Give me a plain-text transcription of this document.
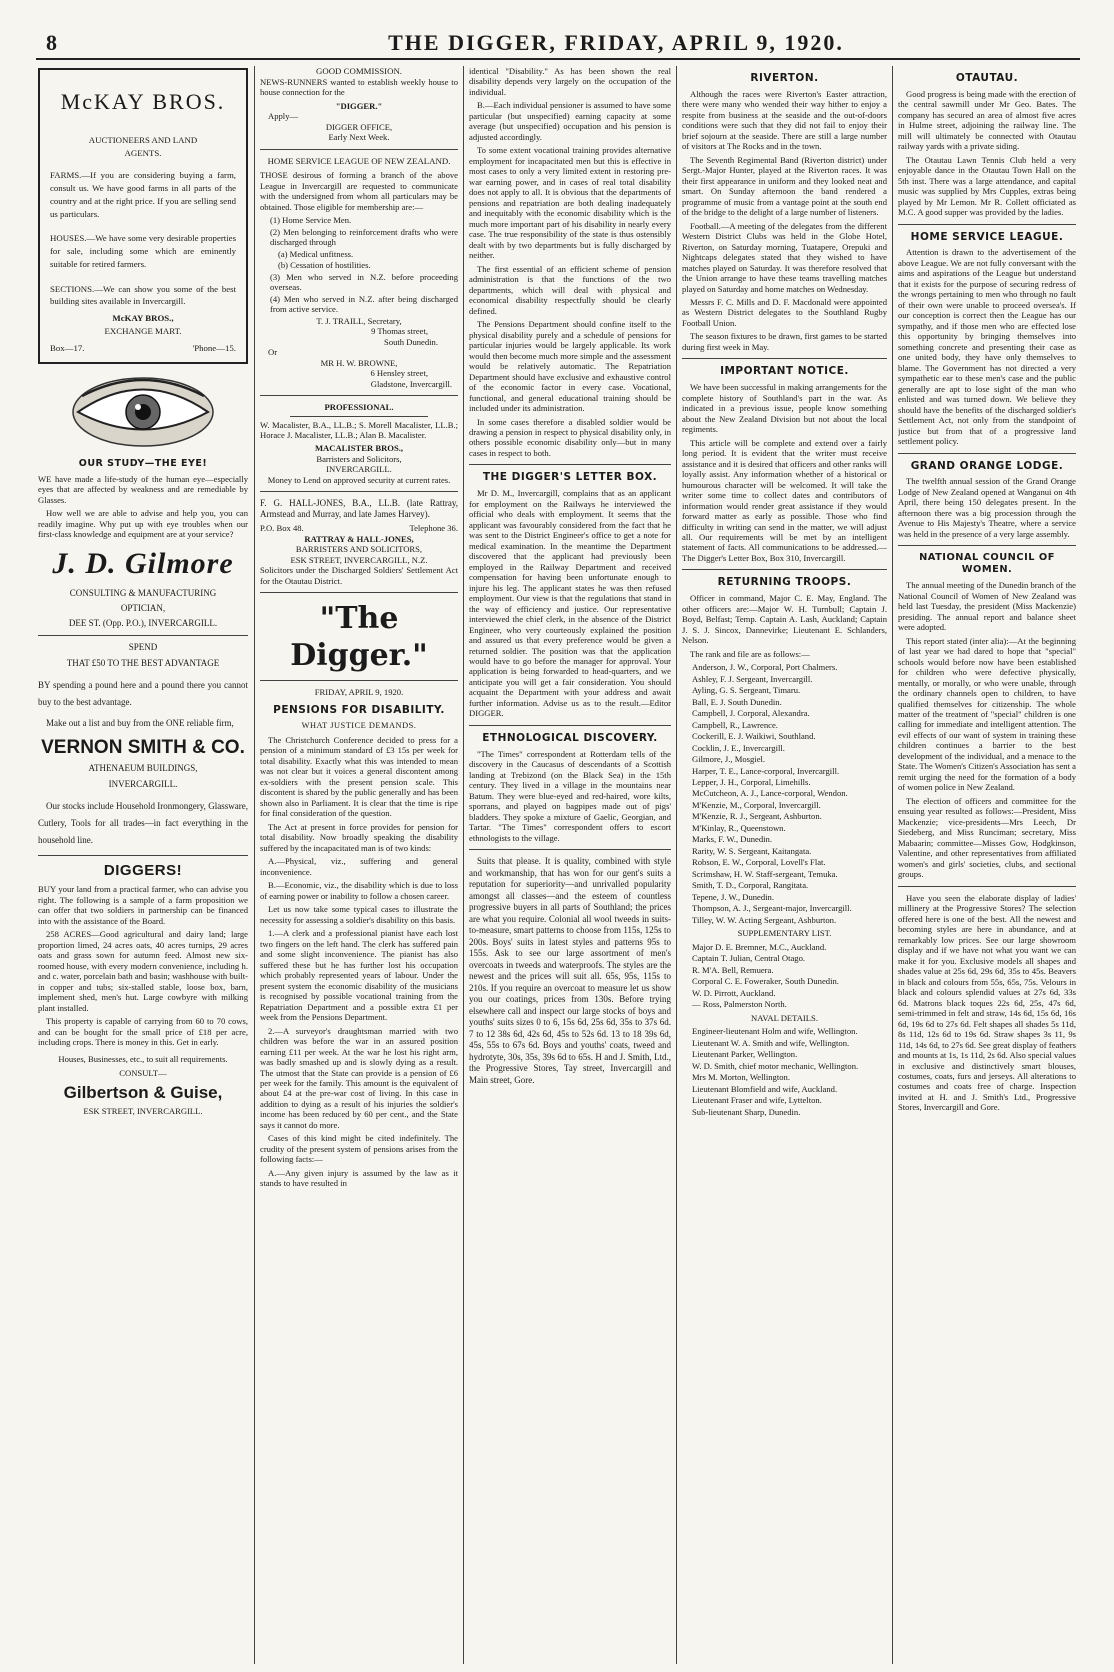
8	THE DIGGER, FRIDAY, APRIL 9, 1920.
McKAY BROS.
AUCTIONEERS AND LAND
AGENTS.

FARMS.—If you are considering buying a farm, consult us. We have good farms in all parts of the country and at the right price. If you are selling send us particulars.

HOUSES.—We have some very desirable properties for sale, including some which are eminently suitable for retired farmers.

SECTIONS.—We can show you some of the best building sites available in Invercargill.

McKAY BROS.,
EXCHANGE MART.
Box—17.	'Phone—15.
OUR STUDY—THE EYE!

WE have made a life-study of the human eye—especially eyes that are affected by weakness and are remediable by Glasses.

How well we are able to advise and help you, you can readily imagine. Why put up with eye troubles when our first-class knowledge and equipment are at your service?

J. D. Gilmore
CONSULTING & MANUFACTURING
OPTICIAN,
DEE ST. (Opp. P.O.), INVERCARGILL.
SPEND
THAT £50 TO THE BEST ADVANTAGE

BY spending a pound here and a pound there you cannot buy to the best advantage.

Make out a list and buy from the ONE reliable firm,

VERNON SMITH & CO.
ATHENAEUM BUILDINGS,
INVERCARGILL.

Our stocks include Household Ironmongery, Glassware, Cutlery, Tools for all trades—in fact everything in the household line.

DIGGERS!

BUY your land from a practical farmer, who can advise you right. The following is a sample of a farm proposition we can offer that two soldiers in partnership can be financed into with the assistance of the Board.

258 ACRES—Good agricultural and dairy land; large proportion limed, 24 acres oats, 40 acres turnips, 29 acres oats and grass sown for autumn feed. Almost new six-roomed house, with every modern convenience, including h. and c. water, porcelain bath and basin; washhouse with built-in copper and tubs; six-stalled stable, loose box, barn, implement shed, men's hut. Large cowbyre with milking plant installed.

This property is capable of carrying from 60 to 70 cows, and can be bought for the small price of £18 per acre, including crops. There is money in this. Get in early.

Houses, Businesses, etc., to suit all requirements.

CONSULT—
Gilbertson & Guise,
ESK STREET, INVERCARGILL.
GOOD COMMISSION.

NEWS-RUNNERS wanted to establish weekly house to house connection for the

"DIGGER."
Apply—
DIGGER OFFICE,
Early Next Week.
HOME SERVICE LEAGUE OF NEW ZEALAND.

THOSE desirous of forming a branch of the above League in Invercargill are requested to communicate with the undersigned from whom all particulars may be obtained. Those eligible for membership are:—

(1) Home Service Men.

(2) Men belonging to reinforcement drafts who were discharged through

(a) Medical unfitness.

(b) Cessation of hostilities.

(3) Men who served in N.Z. before proceeding overseas.

(4) Men who served in N.Z. after being discharged from active service.

T. J. TRAILL, Secretary,
9 Thomas street,
South Dunedin.
Or
MR H. W. BROWNE,
6 Hensley street,
Gladstone, Invercargill.
PROFESSIONAL.

W. Macalister, B.A., LL.B.; S. Morell Macalister, LL.B.; Horace J. Macalister, LL.B.; Alan B. Macalister.

MACALISTER BROS.,
Barristers and Solicitors,
INVERCARGILL.

Money to Lend on approved security at current rates.

F. G. HALL-JONES, B.A., LL.B. (late Rattray, Armstead and Murray, and late James Harvey).

P.O. Box 48.	Telephone 36.
RATTRAY & HALL-JONES,
BARRISTERS AND SOLICITORS,
ESK STREET, INVERCARGILL, N.Z.

Solicitors under the Discharged Soldiers' Settlement Act for the Otautau District.

"The Digger."
FRIDAY, APRIL 9, 1920.
PENSIONS FOR DISABILITY.
WHAT JUSTICE DEMANDS.

The Christchurch Conference decided to press for a pension of a minimum standard of £3 15s per week for total disability. Exactly what this was intended to mean was not clear but it voices a general discontent among ex-soldiers with the present pension scale. This discontent is shared by the public generally and has been shown also in Parliament. It is clear that the time is ripe for final consideration of the question.

The Act at present in force provides for pension for total disability. Now broadly speaking the disability suffered by the incapacitated man is of two kinds:

A.—Physical, viz., suffering and general inconvenience.

B.—Economic, viz., the disability which is due to loss of earning power or inability to follow a chosen career.

Let us now take some typical cases to illustrate the necessity for assessing a soldier's disability on this basis.

1.—A clerk and a professional pianist have each lost two fingers on the left hand. The clerk has suffered pain and some slight inconvenience. The pianist has also suffered these but he has further lost his occupation which probably represented years of labour. Under the present system the economic disability of the musicians is recognised by possible vocational training from the Repatriation Department and a possible extra £1 per week from the Pensions Department.

2.—A surveyor's draughtsman married with two children was before the war in an assured position earning £11 per week. At the war he lost his right arm, was badly smashed up and is slowly dying as a result. The utmost that the State can provide is a pension of £6 per week for the family. This amount is the equivalent of about £4 at the pre-war cost of living. In this case in addition to dying as a result of his injuries the soldier's income has been reduced by 60 per cent., and the State says it cannot do more.

Cases of this kind might be cited indefinitely. The crudity of the present system of pensions arises from the following facts:—

A.—Any given injury is assumed by the law as it stands to have resulted in

identical "Disability." As has been shown the real disability depends very largely on the occupation of the individual.

B.—Each individual pensioner is assumed to have some particular (but unspecified) earning capacity at some average (but unspecified) occupation and his pension is adjusted accordingly.

To some extent vocational training provides alternative employment for incapacitated men but this is effective in most cases to only a very limited extent in restoring pre-war earning power, and in cases of real total disability does not apply to all. It is obvious that the departments of pensions and repatriation are both dealing inadequately and inequitably with the economic disability which is the much more important part of his disability in nearly every case. The true responsibility of the state is thus ostensibly dealt with by two departments but is fully discharged by neither.

The first essential of an efficient scheme of pension administration is that the functions of the two departments, which will deal with physical and economical disability respectfully should be clearly defined.

The Pensions Department should confine itself to the physical disability purely and a schedule of pensions for particular injuries would be largely applicable. Its work would then become much more simple and the assessment would be relatively automatic. The Repatriation Department should have exclusive and exhaustive control of the economic factor in every case. Vocational, functional, and general educational training should be included under its administration.

In some cases therefore a disabled soldier would be drawing a pension in respect to physical disability only, in others possible economic disability only—but in many cases in respect to both.

THE DIGGER'S LETTER BOX.

Mr D. M., Invercargill, complains that as an applicant for employment on the Railways he interviewed the official who deals with employment. It seems that the applicant was favourably considered from the fact that he was sent to the District Engineer's office to get a note for medical examination. In the meantime the Department discovered that the applicant had previously been employed in the Railway Department and received compensation for having been unfortunate enough to injure his leg. The applicant states he was then refused employment. Our view is that the regulations that stand in the way of efficiency and justice. Our representative interviewed the chief clerk, in the absence of the District Engineer, who very courteously explained the position and assured us that every preference would be given a returned soldier. The position was that the application would have to go before the manager for approval. Your application is being forwarded to head-quarters, and we anticipate you will get a fair consideration. You should acquaint the Department with your address and await further information. Advise us as to the result.—Editor DIGGER.

ETHNOLOGICAL DISCOVERY.

"The Times" correspondent at Rotterdam tells of the discovery in the Caucasus of descendants of a Scottish landing at Trebizond (on the Black Sea) in the 15th century. They lived in a village in the mountains near Batum. They were blue-eyed and red-haired, wore kilts, sporrans, and played on bagpipes made out of pigs' bladders. They spoke a mixture of Gaelic, Georgian, and Tartar. "The Times" correspondent offers to escort ethnologists to the village.

Suits that please. It is quality, combined with style and workmanship, that has won for our gent's suits a reputation for superiority—and unrivalled popularity amongst all classes—and the esteem of countless progressive buyers in all parts of Southland; the prices are what you require. Colonial all wool tweeds in suits-to-measure, smart patterns to choose from 115s, 125s to 200s. Boys' suits in latest styles and patterns 95s to 155s. Ask to see our large assortment of men's overcoats in tweeds and waterproofs. The styles are the newest and the prices will suit all. 65s, 95s, 115s to 210s. If you require an overcoat to measure let us show you our coatings, prices from 130s. Before trying elsewhere call and inspect our large stocks of boys and youths' suits sizes 0 to 6, 15s 6d, 25s 6d, 35s to 37s 6d. 7 to 12 38s 6d, 42s 6d, 45s to 52s 6d. 13 to 18 39s 6d, 45s, 55s to 67s 6d. Boys and youths' coats, tweed and hydrotyte, 30s, 35s, 39s 6d to 65s. H and J. Smith, Ltd., the Progressive Stores, Tay street, Invercargill and Main street, Gore.

RIVERTON.

Although the races were Riverton's Easter attraction, there were many who wended their way hither to enjoy a respite from business at the seaside and the out-of-doors conditions were such that they did not fail to enjoy their brief sojourn at the seaside. There are still a large number of visitors at The Rocks and in the town.

The Seventh Regimental Band (Riverton district) under Sergt.-Major Hunter, played at the Riverton races. It was their first appearance in uniform and they looked neat and smart. On Sunday afternoon the band rendered a programme of music from a vantage point at the south end of the bridge to the delight of a large number of listeners.

Football.—A meeting of the delegates from the different Western District Clubs was held in the Globe Hotel, Riverton, on Saturday morning, Tuatapere, Orepuki and Nightcaps delegates stated that they wished to have matches played on Saturday. It was therefore resolved that the Union arrange to have these teams travelling matches played on Saturday and home matches on Wednesday.

Messrs F. C. Mills and D. F. Macdonald were appointed as Western District delegates to the Southland Rugby Football Union.

The season fixtures to be drawn, first games to be started during first week in May.

IMPORTANT NOTICE.

We have been successful in making arrangements for the complete history of Southland's part in the war. As indicated in a previous issue, people know something about the New Zealand Division but not about the local regiments.

This article will be complete and extend over a fairly long period. It is evident that the writer must receive assistance and it is desired that officers and other ranks will loyally assist. Any information whether of a historical or humourous character will be welcomed. It will take the writer some time to collect dates and contributors of information would render great assistance if they would forward matter as early as possible. Those who find difficulty in writing can send in the matter, we will adjust all. Our requirements will be met by an intelligent statement of facts. All communications to be addressed.—The Digger's Letter Box, Box 310, Invercargill.

RETURNING TROOPS.

Officer in command, Major C. E. May, England. The other officers are:—Major W. H. Turnbull; Captain J. Boyd, Belfast; Temp. Captain A. Lash, Auckland; Captain J. S. J. Sincox, Dannevirke; Lieutenant E. Schlanders, Nelson.

The rank and file are as follows:—

Anderson, J. W., Corporal, Port Chalmers.

Ashley, F. J. Sergeant, Invercargill.

Ayling, G. S. Sergeant, Timaru.

Ball, E. J. South Dunedin.

Campbell, J. Corporal, Alexandra.

Campbell, R., Lawrence.

Cockerill, E. J. Waikiwi, Southland.

Cocklin, J. E., Invercargill.

Gilmore, J., Mosgiel.

Harper, T. E., Lance-corporal, Invercargill.

Lepper, J. H., Corporal, Limehills.

McCutcheon, A. J., Lance-corporal, Wendon.

M'Kenzie, M., Corporal, Invercargill.

M'Kenzie, R. J., Sergeant, Ashburton.

M'Kinlay, R., Queenstown.

Marks, F. W., Dunedin.

Rarity, W. S. Sergeant, Kaitangata.

Robson, E. W., Corporal, Lovell's Flat.

Scrimshaw, H. W. Staff-sergeant, Temuka.

Smith, T. D., Corporal, Rangitata.

Tepene, J. W., Dunedin.

Thompson, A. J., Sergeant-major, Invercargill.

Tilley, W. W. Acting Sergeant, Ashburton.

SUPPLEMENTARY LIST.

Major D. E. Bremner, M.C., Auckland.

Captain T. Julian, Central Otago.

R. M'A. Bell, Remuera.

Corporal C. E. Foweraker, South Dunedin.

W. D. Pirrott, Auckland.

— Ross, Palmerston North.

NAVAL DETAILS.

Engineer-lieutenant Holm and wife, Wellington.

Lieutenant W. A. Smith and wife, Wellington.

Lieutenant Parker, Wellington.

W. D. Smith, chief motor mechanic, Wellington.

Mrs M. Morton, Wellington.

Lieutenant Blomfield and wife, Auckland.

Lieutenant Fraser and wife, Lyttelton.

Sub-lieutenant Sharp, Dunedin.

OTAUTAU.

Good progress is being made with the erection of the central sawmill under Mr Geo. Bates. The company has secured an area of almost five acres in Hulme street, adjoining the railway line. The mill will ultimately be connected with Otautau railway yards with a private siding.

The Otautau Lawn Tennis Club held a very enjoyable dance in the Otautau Town Hall on the 5th inst. There was a large attendance, and capital music was supplied by Mrs Cupples, extras being played by Mr Lemon. Mr R. Collett officiated as M.C. A good supper was provided by the ladies.

HOME SERVICE LEAGUE.

Attention is drawn to the advertisement of the above League. We are not fully conversant with the aims and aspirations of the League but understand that it exists for the purpose of securing redress of the wrongs pertaining to men who through no fault of their own were unable to proceed oversea's. If our conception is correct then the League has our sympathy, and if those men who are effected lose this opportunity by bringing themselves into something concrete and presenting their case as one united body, they have only themselves to blame. The Government has not directed a very sympathetic ear to these men's case and the public generally are apt to lose sight of the man who enlisted and was turned down. We believe they should have the benefits of the discharged soldier's Settlement Act, not only from the standpoint of justice but from that of a progressive land settlement policy.

GRAND ORANGE LODGE.

The twelfth annual session of the Grand Orange Lodge of New Zealand opened at Wanganui on 4th April, there being 150 delegates present. In the afternoon there was a big procession through the Avenue to His Majesty's Theatre, where a service was held in the presence of a very large assembly.

NATIONAL COUNCIL OF WOMEN.

The annual meeting of the Dunedin branch of the National Council of Women of New Zealand was held last Tuesday, the president (Miss Mackenzie) presiding. The annual report and balance sheet were adopted.

This report stated (inter alia):—At the beginning of last year we had dared to hope that "special" schools would before now have been established for children who were defective physically, mentally, or morally, or who were unable, through the ordinary channels open to children, to have qualified themselves for citizenship. The whole matter of the treatment of "special" children is one calling for immediate and intelligent attention. The evil effects of our want of system in training these children continues a barrier to the best development of the individual, and a menace to the State. The Women's Citizen's Association has sent a remit urging the need for the formation of a body of women police in New Zealand.

The election of officers and committee for the ensuing year resulted as follows:—President, Miss Mackenzie; vice-presidents—Mrs Leech, Dr Siedeberg, and Miss Runciman; secretary, Miss Mabaarin; committee—Misses Gow, Hodgkinson, Valentine, and other representatives from affiliated women's and girls' societies, clubs, and sectional groups.

Have you seen the elaborate display of ladies' millinery at the Progressive Stores? The selection offered here is one of the best. All the newest and becoming styles are here in abundance, and at remarkably low prices. See our large showroom display and if we have not what you want we can make it for you. Exclusive models all shapes and shades value at 25s 6d, 29s 6d, 35s to 45s. Beavers in black and colours from 55s, 65s, 75s. Velours in black and colours splendid values at 27s 6d, 33s 6d. Matrons black toques 22s 6d, 25s, 47s 6d, semi-trimmed in felt and straw, 14s 6d, 15s 6d, 16s 6d, 19s 6d to 27s 6d. Felt shapes all shades 5s 11d, 8s 11d, 12s 6d to 19s 6d. Straw shapes 3s 11, 9s 11d, 14s 6d, to 27s 6d. See great display of feathers and mounts at 1s, 1s 11d, 2s 6d. Also special values in exclusive and distinctively smart blouses, costumes, coats, furs and jerseys. All alterations to costumes and coats free of charge. Inspection invited at H. and J. Smith's Ltd., Progressive Stores, Invercargill and Gore.
